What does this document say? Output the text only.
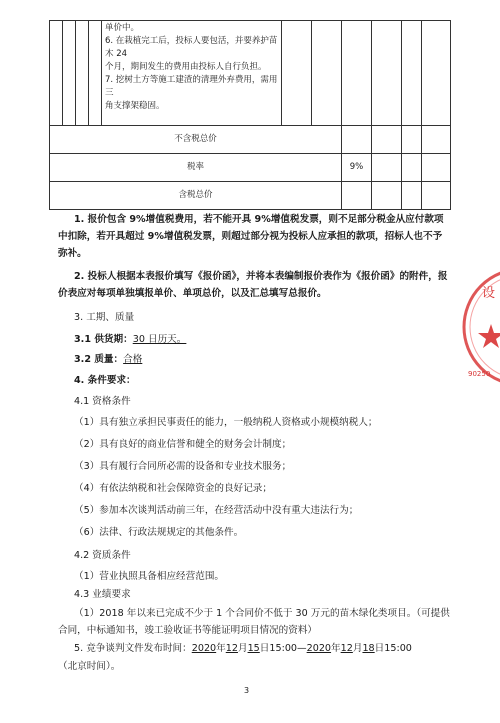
				单价中。
6. 在栽植完工后，投标人要包活，并要养护苗木 24
个月，期间发生的费用由投标人自行负担。
7. 挖树土方等施工建渣的清理外弃费用，需用三
角支撑架稳固。						

不含税总价										
税率							9%			
含税总价										
1. 报价包含 9%增值税费用，若不能开具 9%增值税发票，则不足部分税金从应付款项中扣除，若开具超过 9%增值税发票，则超过部分视为投标人应承担的款项，招标人也不予弥补。
2. 投标人根据本表报价填写《报价函》，并将本表编制报价表作为《报价函》的附件，报价表应对每项单独填报单价、单项总价，以及汇总填写总报价。
3. 工期、质量
3.1 供货期：30 日历天。
3.2 质量：合格
4. 条件要求：
4.1 资格条件
（1）具有独立承担民事责任的能力，一般纳税人资格或小规模纳税人；
（2）具有良好的商业信誉和健全的财务会计制度；
（3）具有履行合同所必需的设备和专业技术服务；
（4）有依法纳税和社会保障资金的良好记录；
（5）参加本次谈判活动前三年，在经营活动中没有重大违法行为；
（6）法律、行政法规规定的其他条件。
4.2 资质条件
（1）营业执照具备相应经营范围。
4.3 业绩要求
（1）2018 年以来已完成不少于 1 个合同价不低于 30 万元的苗木绿化类项目。（可提供合同，中标通知书，竣工验收证书等能证明项目情况的资料）
5. 竞争谈判文件发布时间：2020年12月15日15:00—2020年12月18日15:00
（北京时间）。
设
90250
3
